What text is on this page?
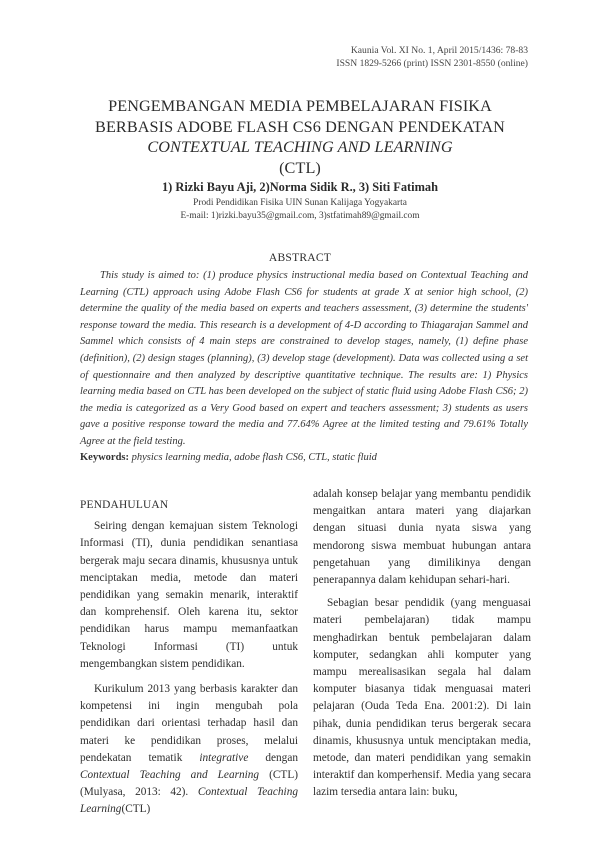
Kaunia Vol. XI No. 1, April 2015/1436: 78-83
ISSN 1829-5266 (print) ISSN 2301-8550 (online)
PENGEMBANGAN MEDIA PEMBELAJARAN FISIKA
BERBASIS ADOBE FLASH CS6 DENGAN PENDEKATAN
CONTEXTUAL TEACHING AND LEARNING
(CTL)
1) Rizki Bayu Aji, 2)Norma Sidik R., 3) Siti Fatimah
Prodi Pendidikan Fisika UIN Sunan Kalijaga Yogyakarta
E-mail: 1)rizki.bayu35@gmail.com, 3)stfatimah89@gmail.com
ABSTRACT
This study is aimed to: (1) produce physics instructional media based on Contextual Teaching and Learning (CTL) approach using Adobe Flash CS6 for students at grade X at senior high school, (2) determine the quality of the media based on experts and teachers assessment, (3) determine the students' response toward the media. This research is a development of 4-D according to Thiagarajan Sammel and Sammel which consists of 4 main steps are constrained to develop stages, namely, (1) define phase (definition), (2) design stages (planning), (3) develop stage (development). Data was collected using a set of questionnaire and then analyzed by descriptive quantitative technique. The results are: 1) Physics learning media based on CTL has been developed on the subject of static fluid using Adobe Flash CS6; 2) the media is categorized as a Very Good based on expert and teachers assessment; 3) students as users gave a positive response toward the media and 77.64% Agree at the limited testing and 79.61% Totally Agree at the field testing.
Keywords: physics learning media, adobe flash CS6, CTL, static fluid
PENDAHULUAN

Seiring dengan kemajuan sistem Teknologi Informasi (TI), dunia pendidikan senantiasa bergerak maju secara dinamis, khususnya untuk menciptakan media, metode dan materi pendidikan yang semakin menarik, interaktif dan komprehensif. Oleh karena itu, sektor pendidikan harus mampu memanfaatkan Teknologi Informasi (TI) untuk mengembangkan sistem pendidikan.

Kurikulum 2013 yang berbasis karakter dan kompetensi ini ingin mengubah pola pendidikan dari orientasi terhadap hasil dan materi ke pendidikan proses, melalui pendekatan tematik integrative dengan Contextual Teaching and Learning (CTL) (Mulyasa, 2013: 42). Contextual Teaching Learning(CTL)

adalah konsep belajar yang membantu pendidik mengaitkan antara materi yang diajarkan dengan situasi dunia nyata siswa yang mendorong siswa membuat hubungan antara pengetahuan yang dimilikinya dengan penerapannya dalam kehidupan sehari-hari.

Sebagian besar pendidik (yang menguasai materi pembelajaran) tidak mampu menghadirkan bentuk pembelajaran dalam komputer, sedangkan ahli komputer yang mampu merealisasikan segala hal dalam komputer biasanya tidak menguasai materi pelajaran (Ouda Teda Ena. 2001:2). Di lain pihak, dunia pendidikan terus bergerak secara dinamis, khususnya untuk menciptakan media, metode, dan materi pendidikan yang semakin interaktif dan komperhensif. Media yang secara lazim tersedia antara lain: buku,
